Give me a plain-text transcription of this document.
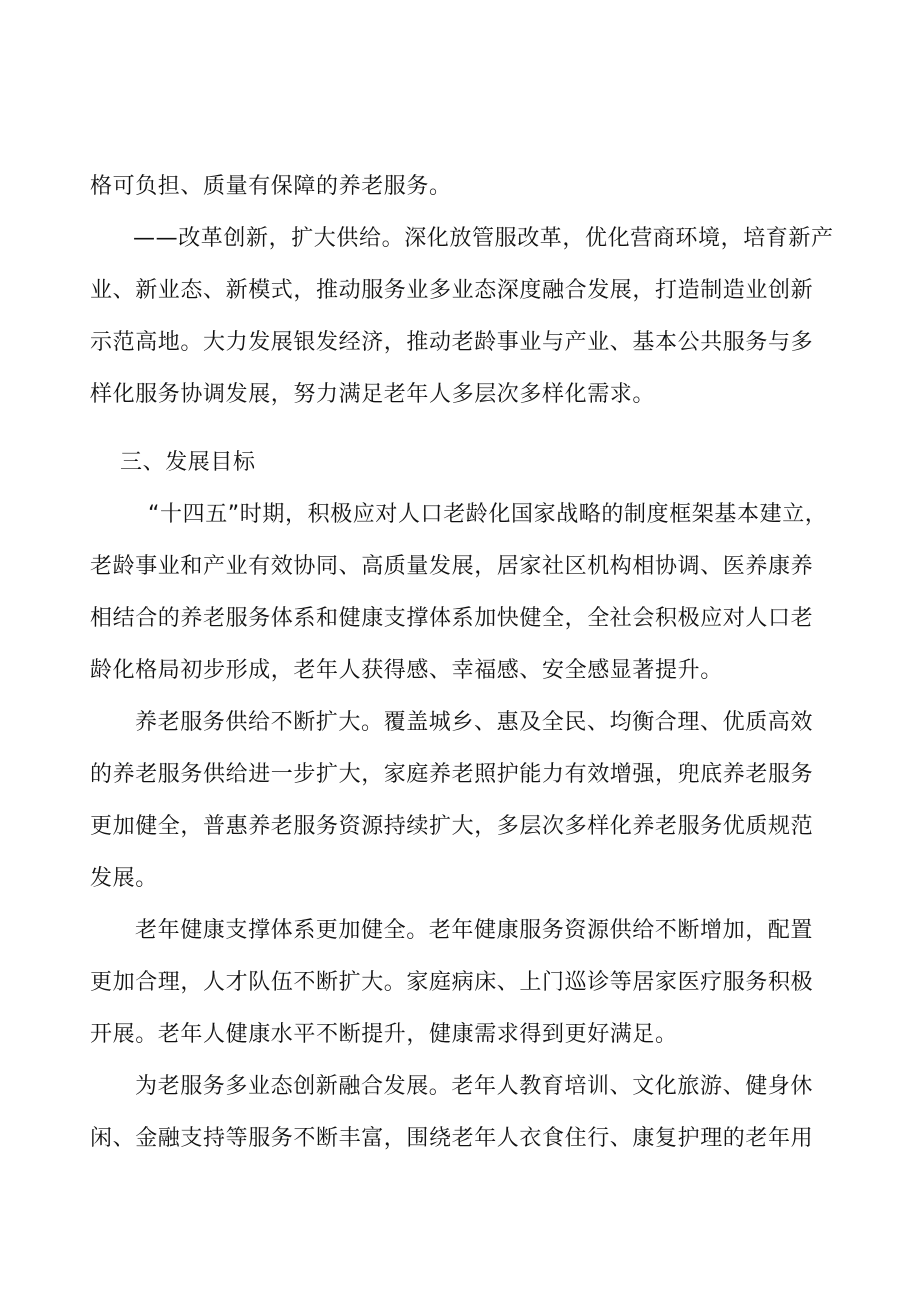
格可负担、质量有保障的养老服务。

——改革创新，扩大供给。深化放管服改革，优化营商环境，培育新产

业、新业态、新模式，推动服务业多业态深度融合发展，打造制造业创新

示范高地。大力发展银发经济，推动老龄事业与产业、基本公共服务与多

样化服务协调发展，努力满足老年人多层次多样化需求。

三、发展目标

“十四五”时期，积极应对人口老龄化国家战略的制度框架基本建立，

老龄事业和产业有效协同、高质量发展，居家社区机构相协调、医养康养

相结合的养老服务体系和健康支撑体系加快健全，全社会积极应对人口老

龄化格局初步形成，老年人获得感、幸福感、安全感显著提升。

养老服务供给不断扩大。覆盖城乡、惠及全民、均衡合理、优质高效

的养老服务供给进一步扩大，家庭养老照护能力有效增强，兜底养老服务

更加健全，普惠养老服务资源持续扩大，多层次多样化养老服务优质规范

发展。

老年健康支撑体系更加健全。老年健康服务资源供给不断增加，配置

更加合理，人才队伍不断扩大。家庭病床、上门巡诊等居家医疗服务积极

开展。老年人健康水平不断提升，健康需求得到更好满足。

为老服务多业态创新融合发展。老年人教育培训、文化旅游、健身休

闲、金融支持等服务不断丰富，围绕老年人衣食住行、康复护理的老年用
